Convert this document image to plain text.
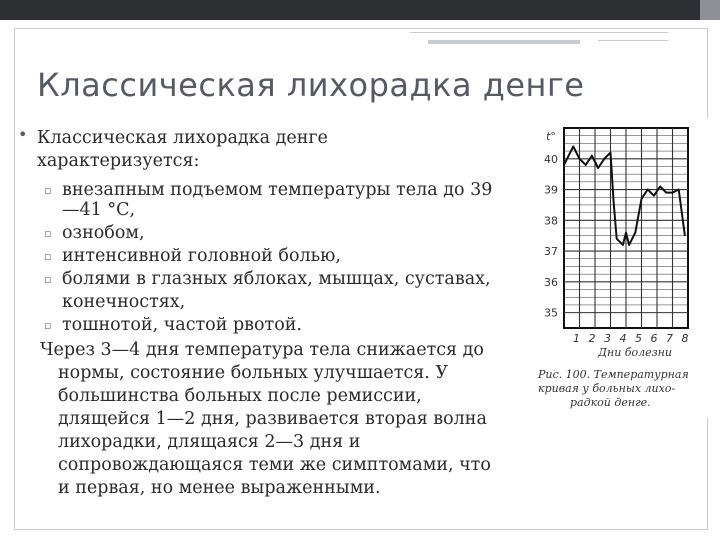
Классическая лихорадка денге
• Классическая лихорадка денге
характеризуется:
▫ внезапным подъемом температуры тела до 39
—41 °С,
▫ ознобом,
▫ интенсивной головной болью,
▫ болями в глазных яблоках, мышцах, суставах,
конечностях,
▫ тошнотой, частой рвотой.
Через 3—4 дня температура тела снижается до
нормы, состояние больных улучшается. У
большинства больных после ремиссии,
длящейся 1—2 дня, развивается вторая волна
лихорадки, длящаяся 2—3 дня и
сопровождающаяся теми же симптомами, что
и первая, но менее выраженными.
35
36
37
38
39
40
1 2 3 4 5 6 7 8
t°
Дни болезни
Рис. 100. Температурная
кривая у больных лихо-
радкой денге.
